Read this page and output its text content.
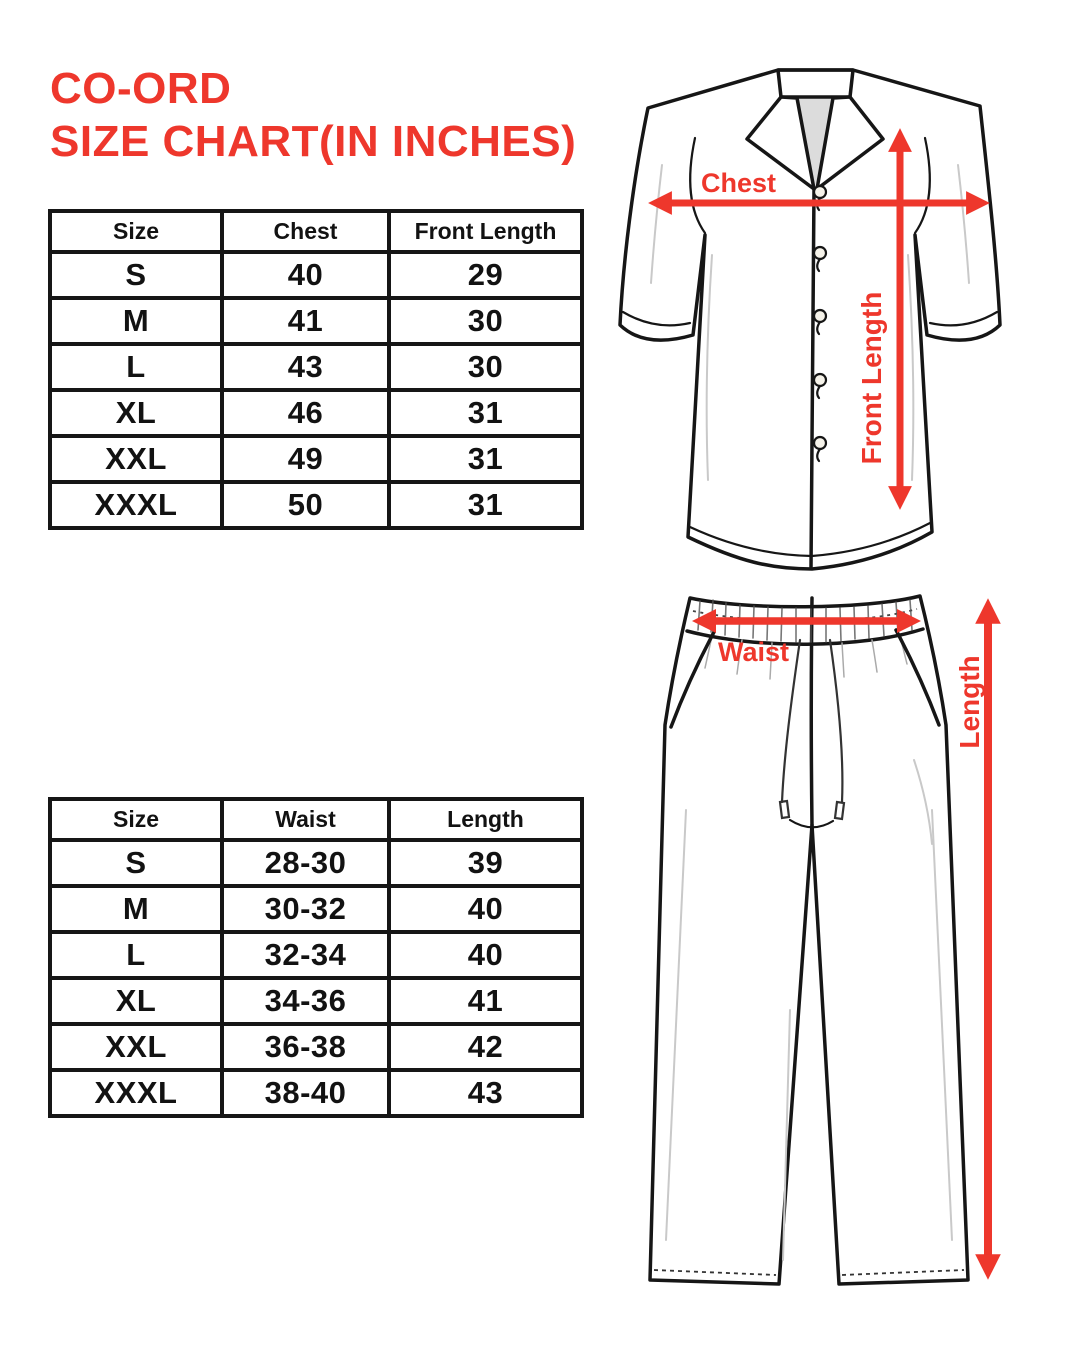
CO-ORD
SIZE CHART(IN INCHES)
Size	Chest	Front Length
S	40	29
M	41	30
L	43	30
XL	46	31
XXL	49	31
XXXL	50	31
Size	Waist	Length
S	28-30	39
M	30-32	40
L	32-34	40
XL	34-36	41
XXL	36-38	42
XXXL	38-40	43
Chest
Front Length
Waist
Length
